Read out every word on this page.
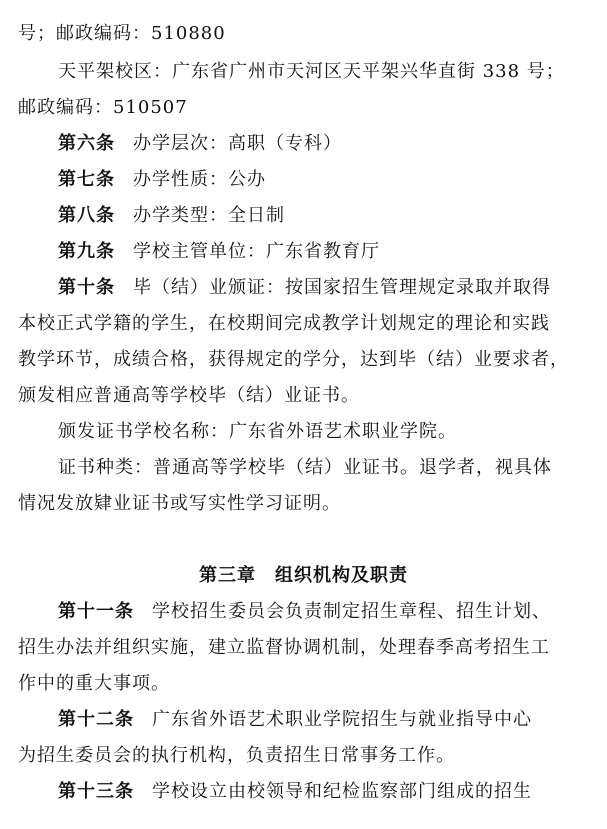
号；邮政编码：510880
天平架校区：广东省广州市天河区天平架兴华直街 338 号；
邮政编码：510507
第六条 办学层次：高职（专科）
第七条 办学性质：公办
第八条 办学类型：全日制
第九条 学校主管单位：广东省教育厅
第十条 毕（结）业颁证：按国家招生管理规定录取并取得
本校正式学籍的学生，在校期间完成教学计划规定的理论和实践
教学环节，成绩合格，获得规定的学分，达到毕（结）业要求者，
颁发相应普通高等学校毕（结）业证书。
颁发证书学校名称：广东省外语艺术职业学院。
证书种类：普通高等学校毕（结）业证书。退学者，视具体
情况发放肄业证书或写实性学习证明。
第三章　组织机构及职责
第十一条 学校招生委员会负责制定招生章程、招生计划、
招生办法并组织实施，建立监督协调机制，处理春季高考招生工
作中的重大事项。
第十二条 广东省外语艺术职业学院招生与就业指导中心
为招生委员会的执行机构，负责招生日常事务工作。
第十三条 学校设立由校领导和纪检监察部门组成的招生
